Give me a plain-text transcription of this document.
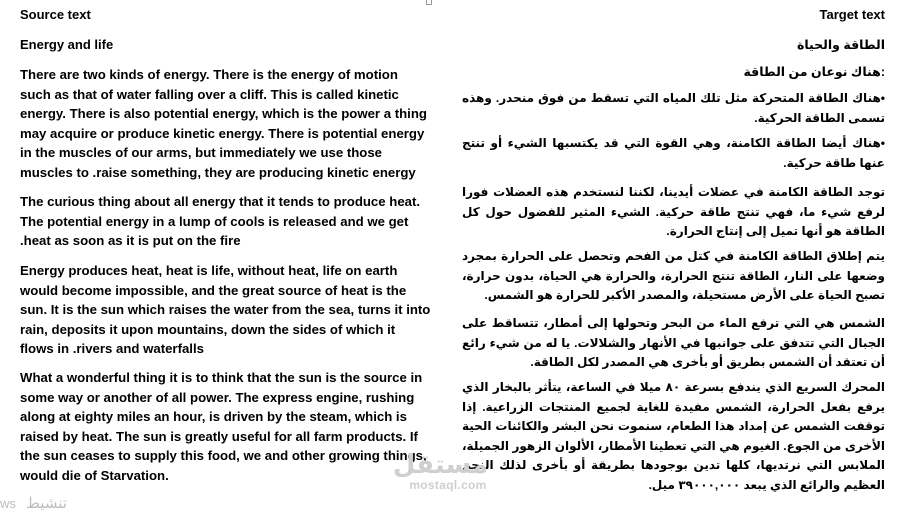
Source text
Energy and life

There are two kinds of energy. There is the energy of motion such as that of water falling over a cliff. This is called kinetic energy. There is also potential energy, which is the power a thing may acquire or produce kinetic energy. There is potential energy in the muscles of our arms, but immediately we use those muscles to .raise something, they are producing kinetic energy

The curious thing about all energy that it tends to produce heat. The potential energy in a lump of cools is released and we get .heat as soon as it is put on the fire

Energy produces heat, heat is life, without heat, life on earth would become impossible, and the great source of heat is the sun. It is the sun which raises the water from the sea, turns it into rain, deposits it upon mountains, down the sides of which it flows in .rivers and waterfalls

What a wonderful thing it is to think that the sun is the source in some way or another of all power. The express engine, rushing along at eighty miles an hour, is driven by the steam, which is raised by heat. The sun is greatly useful for all farm products. If the sun ceases to supply this food, we and other growing things, would die of Starvation.

Target text
الطاقة والحياة
هناك نوعان من الطاقة:

•هناك الطاقة المتحركة مثل تلك المياه التي تسقط من فوق منحدر. وهذه تسمى الطاقة الحركية.

•هناك أيضا الطاقة الكامنة، وهي القوة التي قد يكتسبها الشيء أو تنتج عنها طاقة حركية.

توجد الطاقة الكامنة في عضلات أيدينا، لكننا لنستخدم هذه العضلات فورا لرفع شيء ما، فهي تنتج طاقة حركية. الشيء المثير للفضول حول كل الطاقة هو أنها تميل إلى إنتاج الحرارة.

يتم إطلاق الطاقة الكامنة في كتل من الفحم وتحصل على الحرارة بمجرد وضعها على النار، الطاقة تنتج الحرارة، والحرارة هي الحياة، بدون حرارة، تصبح الحياة على الأرض مستحيلة، والمصدر الأكبر للحرارة هو الشمس.

الشمس هي التي ترفع الماء من البحر وتحولها إلى أمطار، تتساقط على الجبال التي تتدفق على جوانبها في الأنهار والشلالات. يا له من شيء رائع أن تعتقد أن الشمس بطريق أو بأخرى هي المصدر لكل الطاقة.

المحرك السريع الذي يندفع بسرعة ٨٠ ميلا في الساعة، يتأثر بالبخار الذي يرفع بفعل الحرارة، الشمس مفيدة للغاية لجميع المنتجات الزراعية. إذا توقفت الشمس عن إمداد هذا الطعام، سنموت نحن البشر والكائنات الحية الأخرى من الجوع. الغيوم هي التي تعطينا الأمطار، الألوان الزهور الجميلة، الملابس التي نرتديها، كلها تدين بوجودها بطريقة أو بأخرى لذلك النجم العظيم والرائع الذي يبعد ٣٩٠٠٠,٠٠٠ ميل.

مستقل
mostaql.com
ws تنشيط
